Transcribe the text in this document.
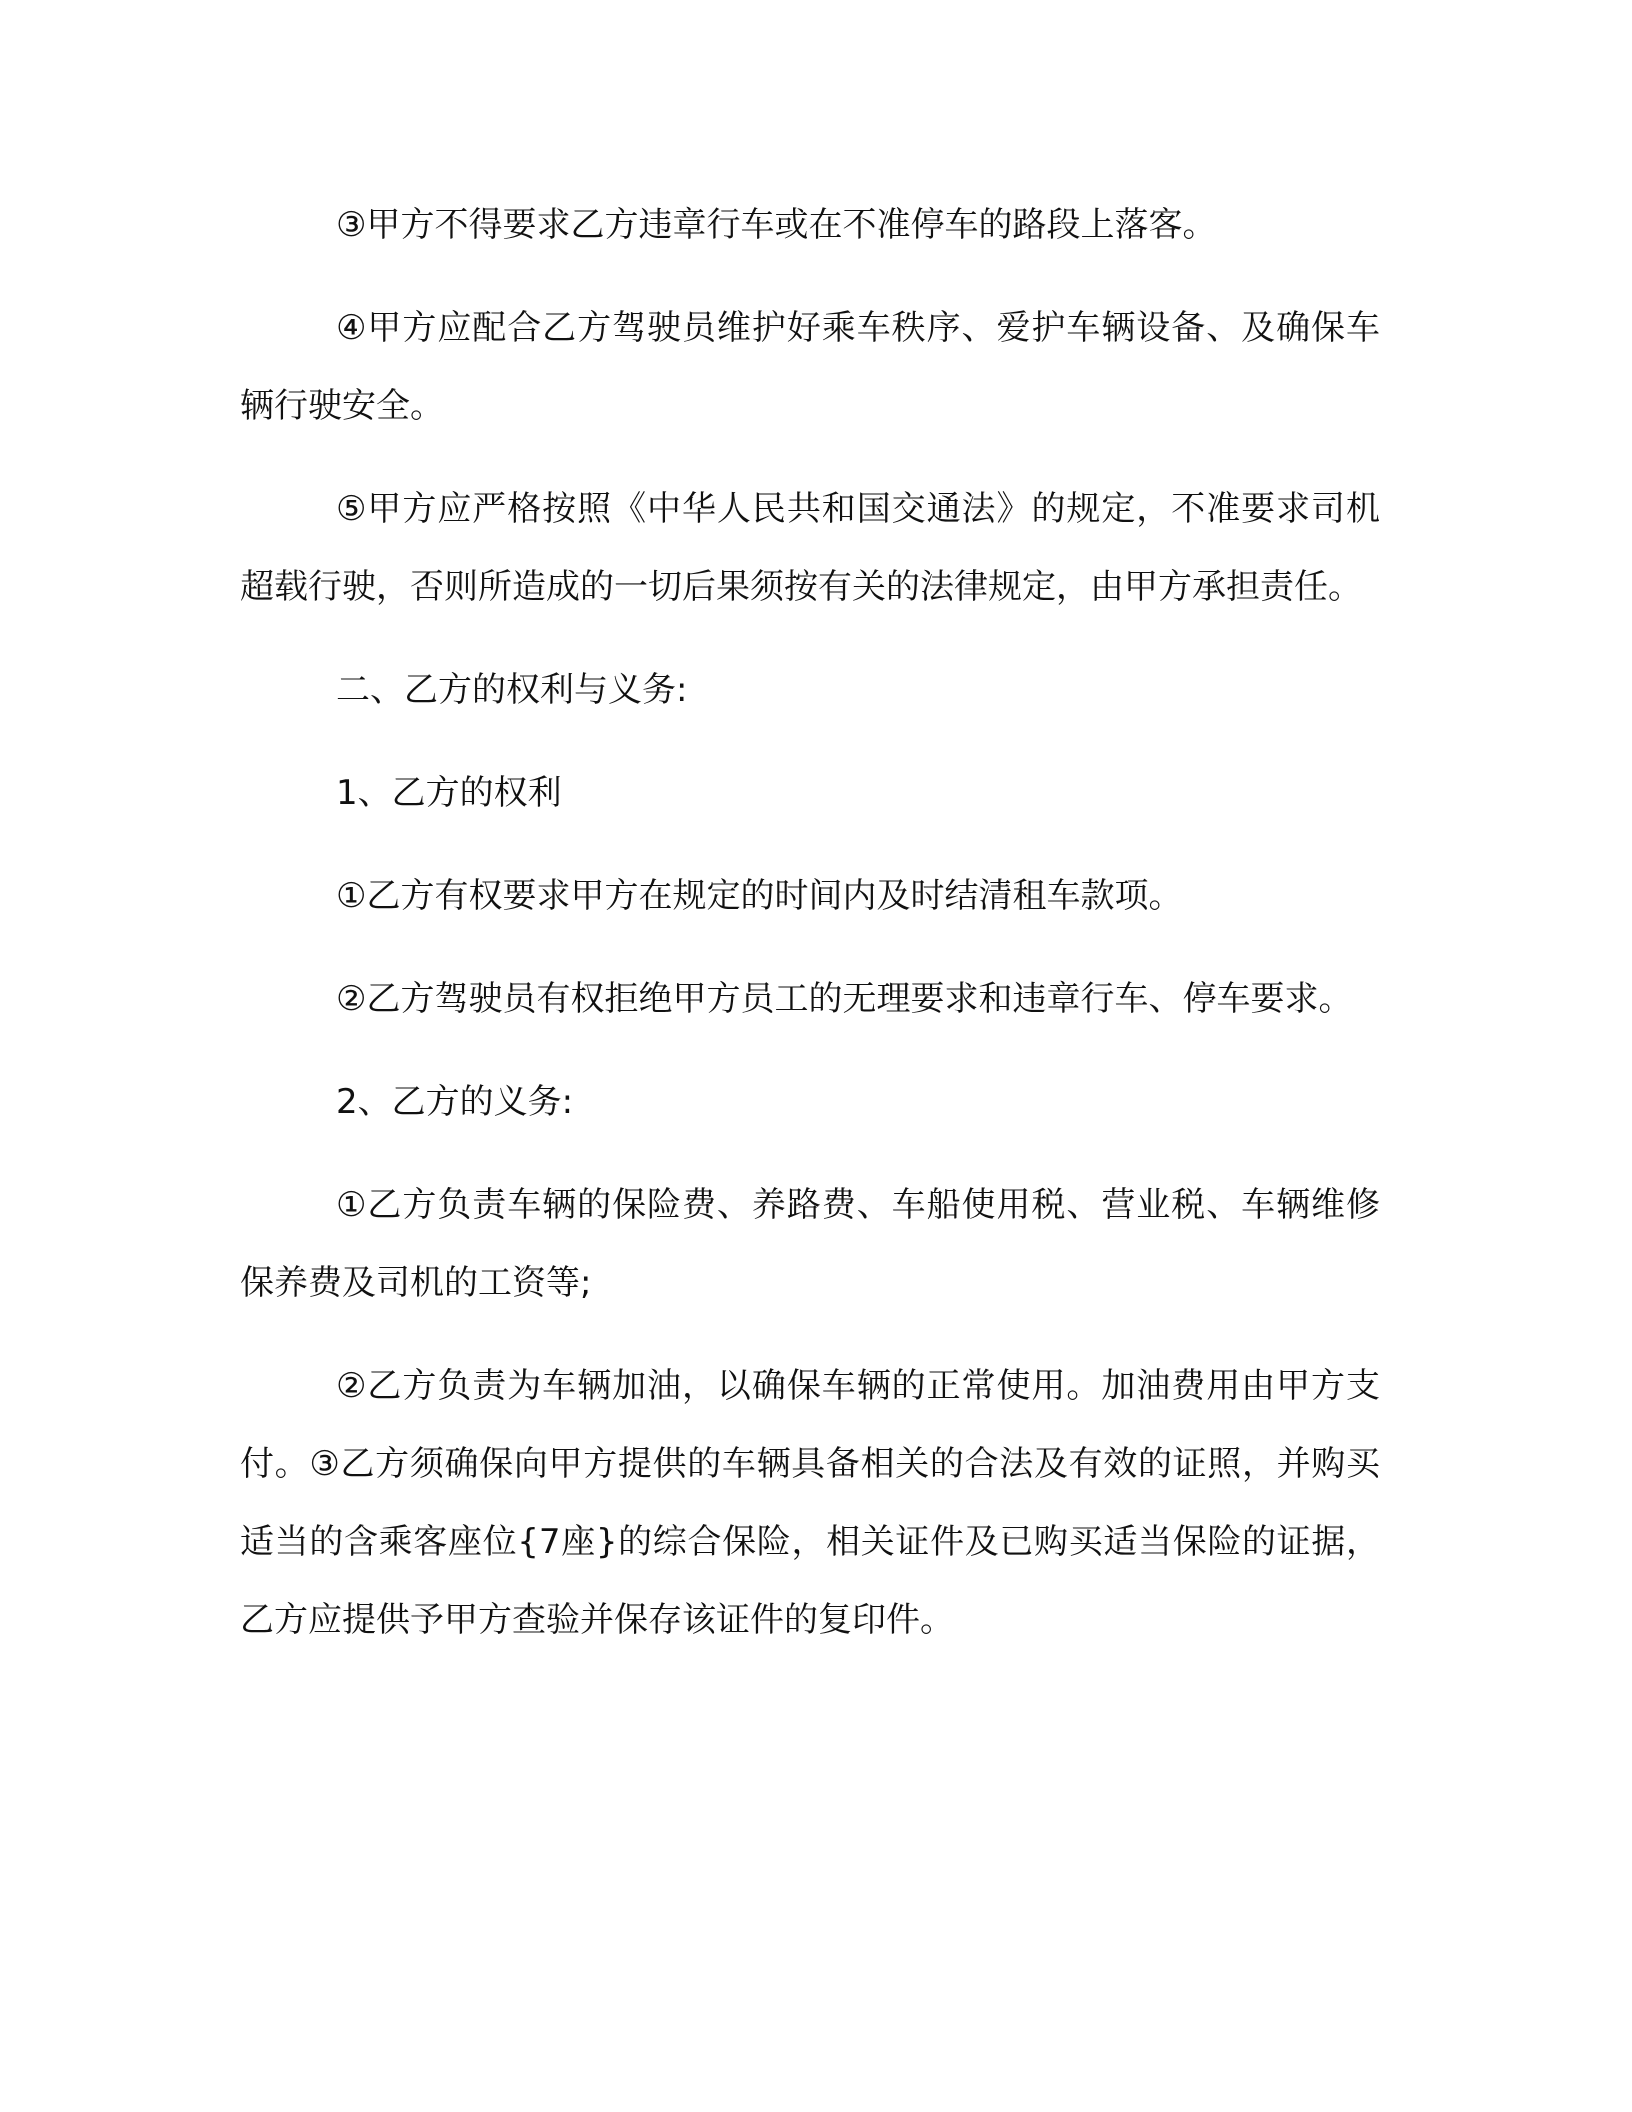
③甲方不得要求乙方违章行车或在不准停车的路段上落客。

④甲方应配合乙方驾驶员维护好乘车秩序、爱护车辆设备、及确保车辆行驶安全。

⑤甲方应严格按照《中华人民共和国交通法》的规定，不准要求司机超载行驶，否则所造成的一切后果须按有关的法律规定，由甲方承担责任。

二、乙方的权利与义务:

1、乙方的权利

①乙方有权要求甲方在规定的时间内及时结清租车款项。

②乙方驾驶员有权拒绝甲方员工的无理要求和违章行车、停车要求。

2、乙方的义务:

①乙方负责车辆的保险费、养路费、车船使用税、营业税、车辆维修保养费及司机的工资等;

②乙方负责为车辆加油，以确保车辆的正常使用。加油费用由甲方支付。③乙方须确保向甲方提供的车辆具备相关的合法及有效的证照，并购买适当的含乘客座位{7座}的综合保险，相关证件及已购买适当保险的证据，乙方应提供予甲方查验并保存该证件的复印件。
